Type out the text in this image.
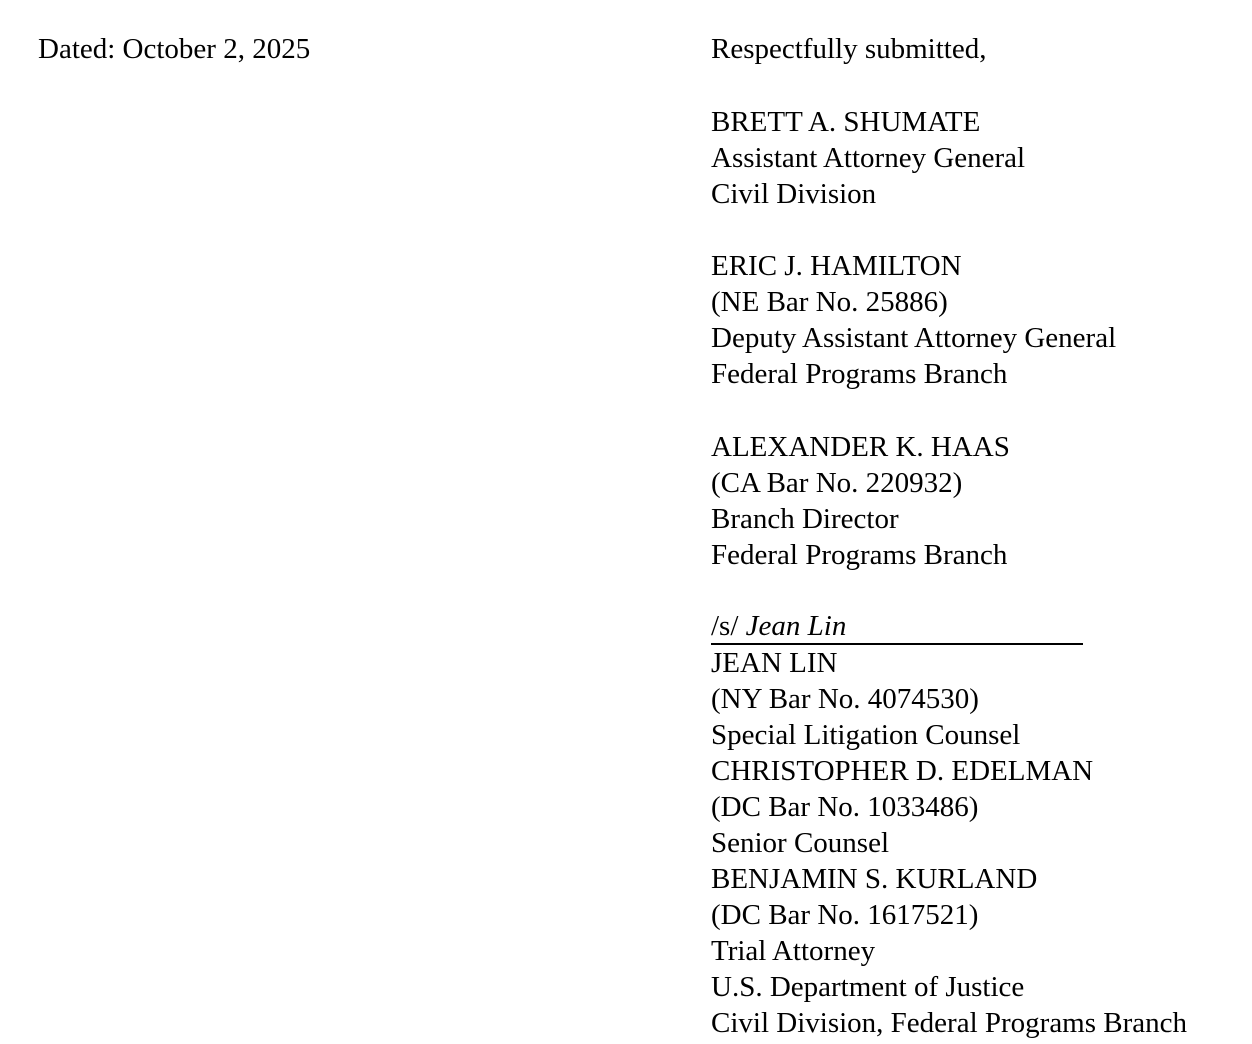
Dated: October 2, 2025	Respectfully submitted,
BRETT A. SHUMATE
Assistant Attorney General
Civil Division
ERIC J. HAMILTON
(NE Bar No. 25886)
Deputy Assistant Attorney General
Federal Programs Branch
ALEXANDER K. HAAS
(CA Bar No. 220932)
Branch Director
Federal Programs Branch
/s/ Jean Lin
JEAN LIN
(NY Bar No. 4074530)
Special Litigation Counsel
CHRISTOPHER D. EDELMAN
(DC Bar No. 1033486)
Senior Counsel
BENJAMIN S. KURLAND
(DC Bar No. 1617521)
Trial Attorney
U.S. Department of Justice
Civil Division, Federal Programs Branch
